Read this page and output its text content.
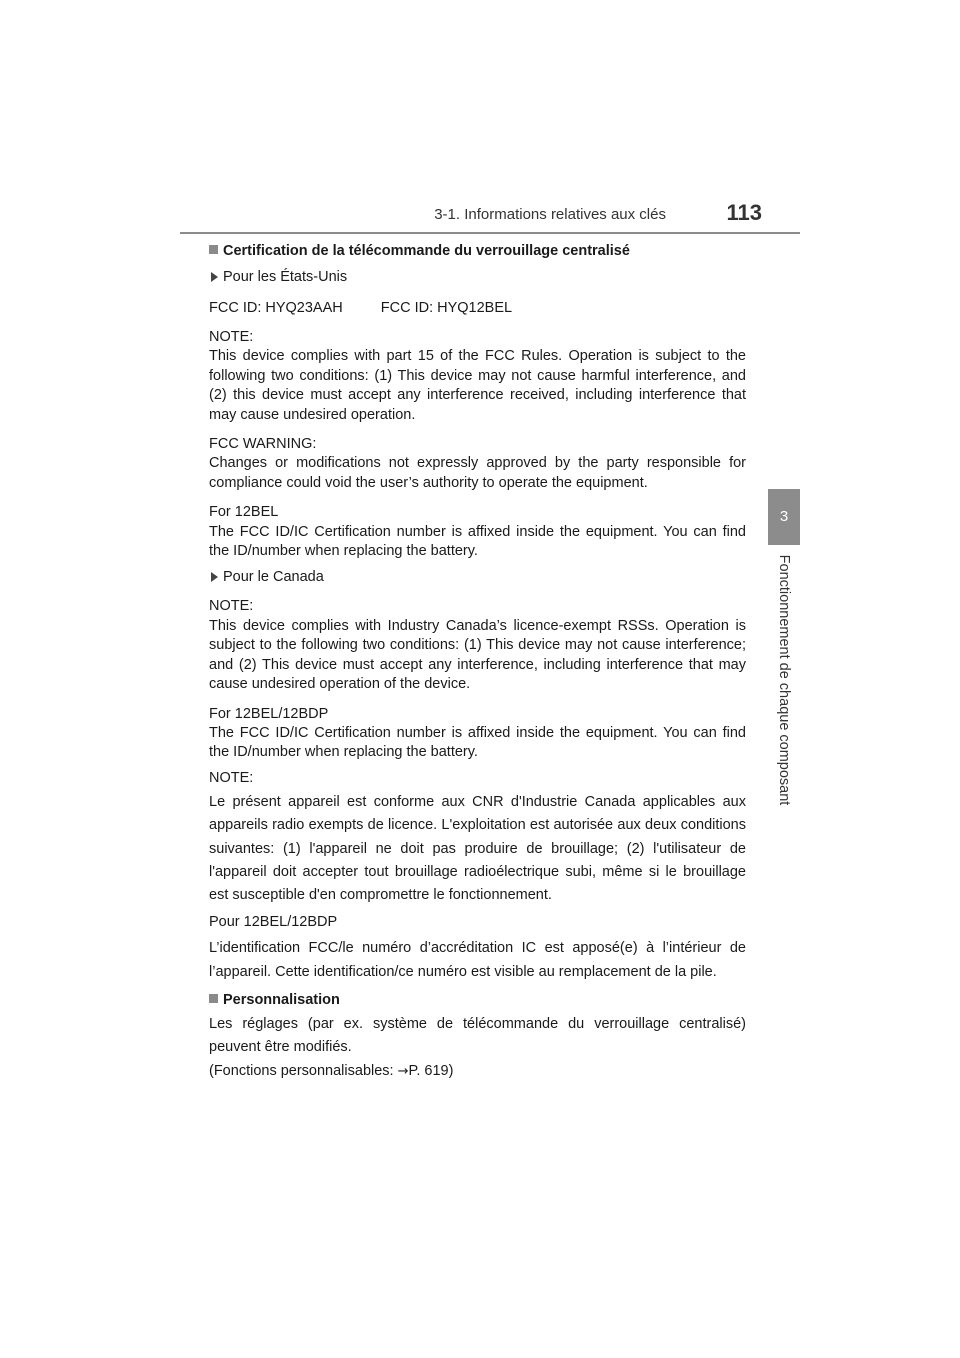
3-1. Informations relatives aux clés	113
3
Fonctionnement de chaque composant

Certification de la télécommande du verrouillage centralisé

Pour les États-Unis

FCC ID: HYQ23AAH	FCC ID: HYQ12BEL

NOTE:
This device complies with part 15 of the FCC Rules. Operation is subject to the following two conditions: (1) This device may not cause harmful interference, and (2) this device must accept any interference received, including interference that may cause undesired operation.

FCC WARNING:
Changes or modifications not expressly approved by the party responsible for compliance could void the user’s authority to operate the equipment.

For 12BEL
The FCC ID/IC Certification number is affixed inside the equipment. You can find the ID/number when replacing the battery.

Pour le Canada

NOTE:
This device complies with Industry Canada’s licence-exempt RSSs. Operation is subject to the following two conditions: (1) This device may not cause interference; and (2) This device must accept any interference, including interference that may cause undesired operation of the device.

For 12BEL/12BDP
The FCC ID/IC Certification number is affixed inside the equipment. You can find the ID/number when replacing the battery.

NOTE:

Le présent appareil est conforme aux CNR d'Industrie Canada applicables aux appareils radio exempts de licence. L'exploitation est autorisée aux deux conditions suivantes: (1) l'appareil ne doit pas produire de brouillage; (2) l'utilisateur de l'appareil doit accepter tout brouillage radioélectrique subi, même si le brouillage est susceptible d'en compromettre le fonctionnement.

Pour 12BEL/12BDP

L’identification FCC/le numéro d’accréditation IC est apposé(e) à l’intérieur de l’appareil. Cette identification/ce numéro est visible au remplacement de la pile.

Personnalisation

Les réglages (par ex. système de télécommande du verrouillage centralisé) peuvent être modifiés.
(Fonctions personnalisables: →P. 619)
